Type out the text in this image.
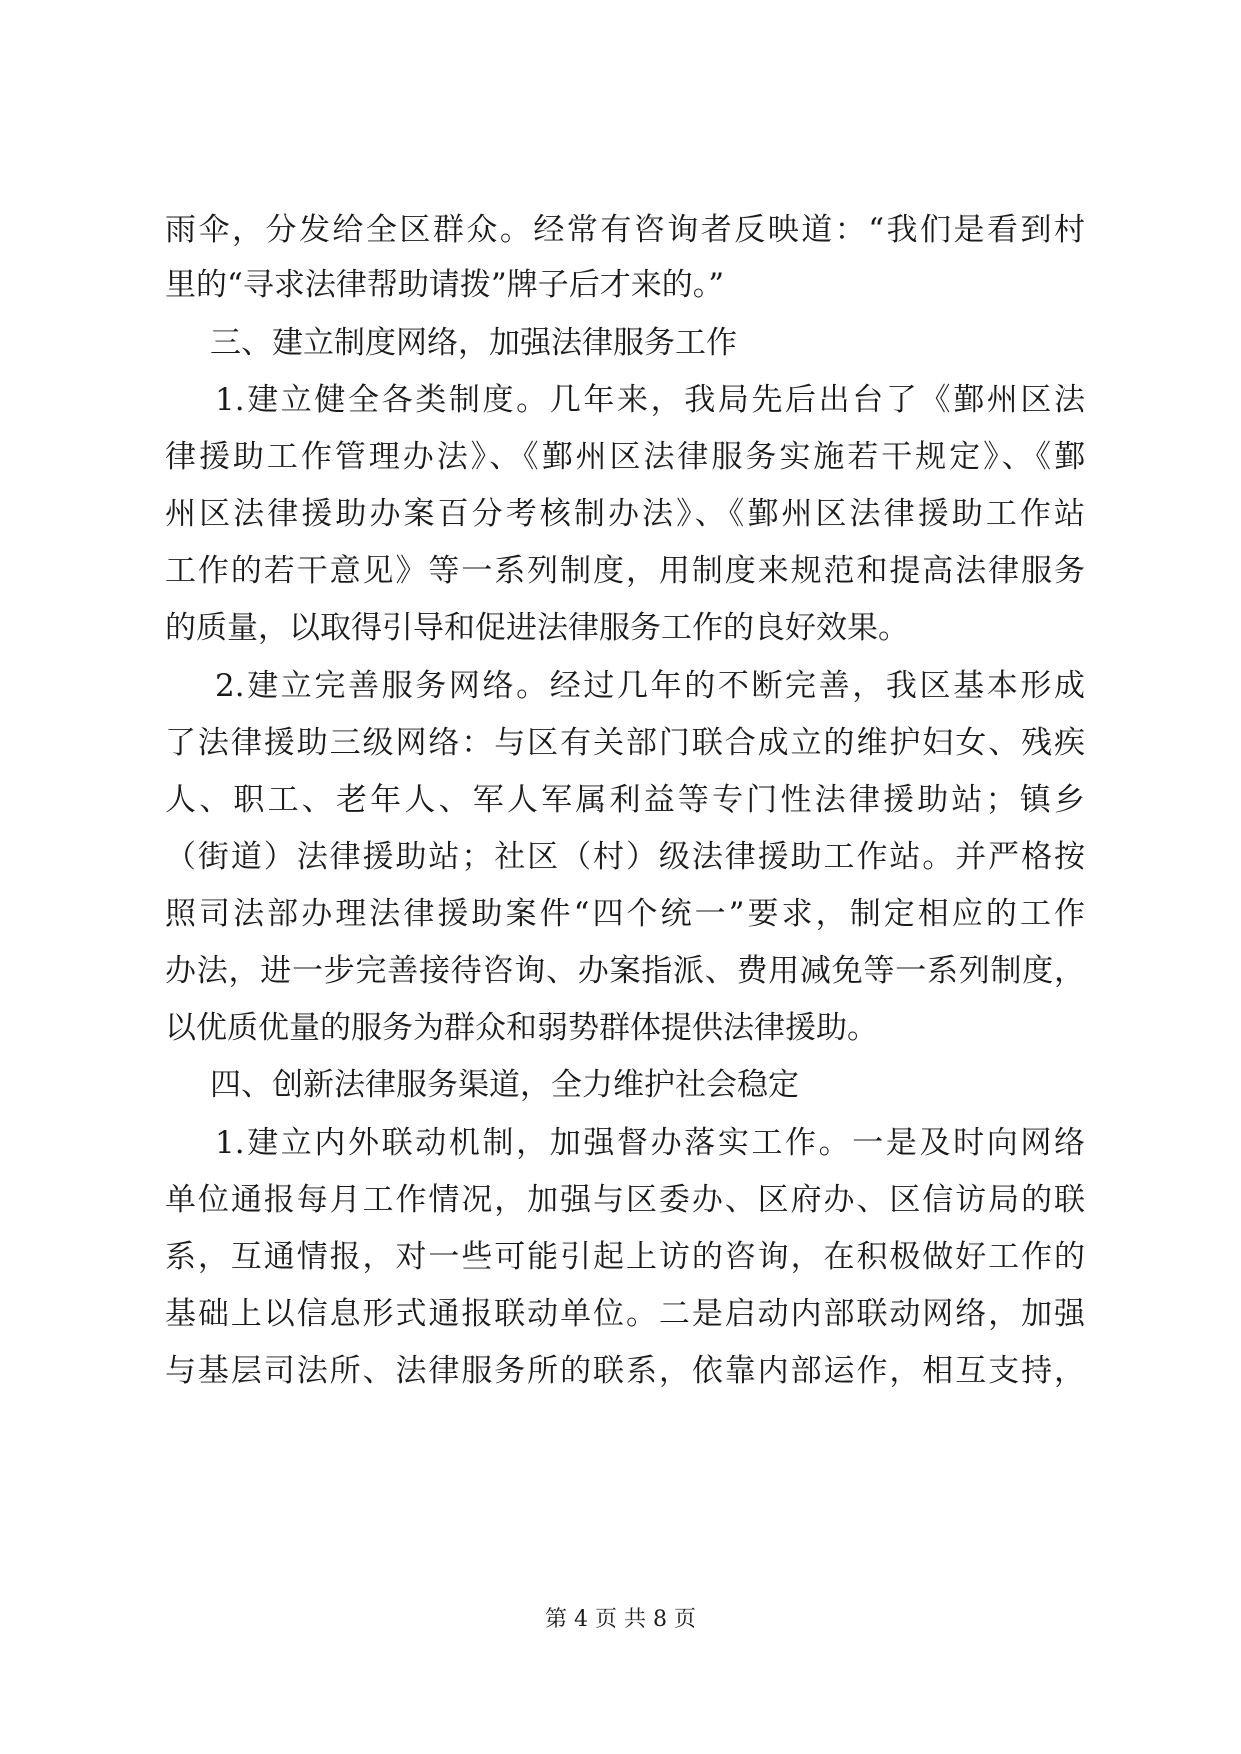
雨伞，分发给全区群众。经常有咨询者反映道：“我们是看到村
里的“寻求法律帮助请拨”牌子后才来的。”
三、建立制度网络，加强法律服务工作
1.建立健全各类制度。几年来，我局先后出台了《鄞州区法
律援助工作管理办法》、《鄞州区法律服务实施若干规定》、《鄞
州区法律援助办案百分考核制办法》、《鄞州区法律援助工作站
工作的若干意见》等一系列制度，用制度来规范和提高法律服务
的质量，以取得引导和促进法律服务工作的良好效果。
2.建立完善服务网络。经过几年的不断完善，我区基本形成
了法律援助三级网络：与区有关部门联合成立的维护妇女、残疾
人、职工、老年人、军人军属利益等专门性法律援助站；镇乡
（街道）法律援助站；社区（村）级法律援助工作站。并严格按
照司法部办理法律援助案件“四个统一”要求，制定相应的工作
办法，进一步完善接待咨询、办案指派、费用减免等一系列制度，
以优质优量的服务为群众和弱势群体提供法律援助。
四、创新法律服务渠道，全力维护社会稳定
1.建立内外联动机制，加强督办落实工作。一是及时向网络
单位通报每月工作情况，加强与区委办、区府办、区信访局的联
系，互通情报，对一些可能引起上访的咨询，在积极做好工作的
基础上以信息形式通报联动单位。二是启动内部联动网络，加强
与基层司法所、法律服务所的联系，依靠内部运作，相互支持，
第 4 页 共 8 页
